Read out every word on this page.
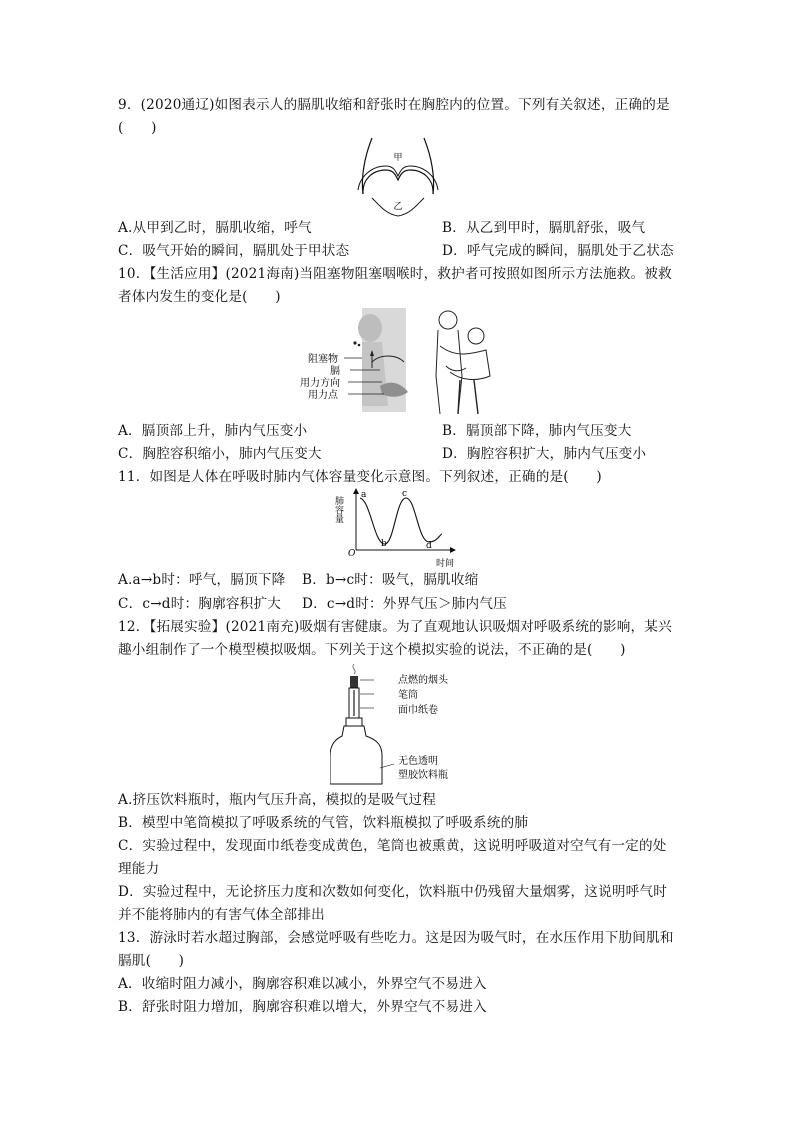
9．(2020通辽)如图表示人的膈肌收缩和舒张时在胸腔内的位置。下列有关叙述，正确的是
(　　)
甲
乙
A.从甲到乙时，膈肌收缩，呼气	B．从乙到甲时，膈肌舒张，吸气
C．吸气开始的瞬间，膈肌处于甲状态	D．呼气完成的瞬间，膈肌处于乙状态
10．【生活应用】(2021海南)当阻塞物阻塞咽喉时，救护者可按照如图所示方法施救。被救
者体内发生的变化是(　　)
阻塞物
膈
用力方向
用力点
A．膈顶部上升，肺内气压变小	B．膈顶部下降，肺内气压变大
C．胸腔容积缩小，肺内气压变大	D．胸腔容积扩大，肺内气压变小
11．如图是人体在呼吸时肺内气体容量变化示意图。下列叙述，正确的是(　　)
肺容量
时间
O
a
b
c
d
A.a→b时：呼气，膈顶下降 B．b→c时：吸气，膈肌收缩
C．c→d时：胸廓容积扩大 D．c→d时：外界气压＞肺内气压
12．【拓展实验】(2021南充)吸烟有害健康。为了直观地认识吸烟对呼吸系统的影响，某兴
趣小组制作了一个模型模拟吸烟。下列关于这个模拟实验的说法，不正确的是(　　)
点燃的烟头
笔筒
面巾纸卷
无色透明
塑胶饮料瓶
A.挤压饮料瓶时，瓶内气压升高，模拟的是吸气过程
B．模型中笔筒模拟了呼吸系统的气管，饮料瓶模拟了呼吸系统的肺
C．实验过程中，发现面巾纸卷变成黄色，笔筒也被熏黄，这说明呼吸道对空气有一定的处
理能力
D．实验过程中，无论挤压力度和次数如何变化，饮料瓶中仍残留大量烟雾，这说明呼气时
并不能将肺内的有害气体全部排出
13．游泳时若水超过胸部，会感觉呼吸有些吃力。这是因为吸气时，在水压作用下肋间肌和
膈肌(　　)
A．收缩时阻力减小，胸廓容积难以减小，外界空气不易进入
B．舒张时阻力增加，胸廓容积难以增大，外界空气不易进入
